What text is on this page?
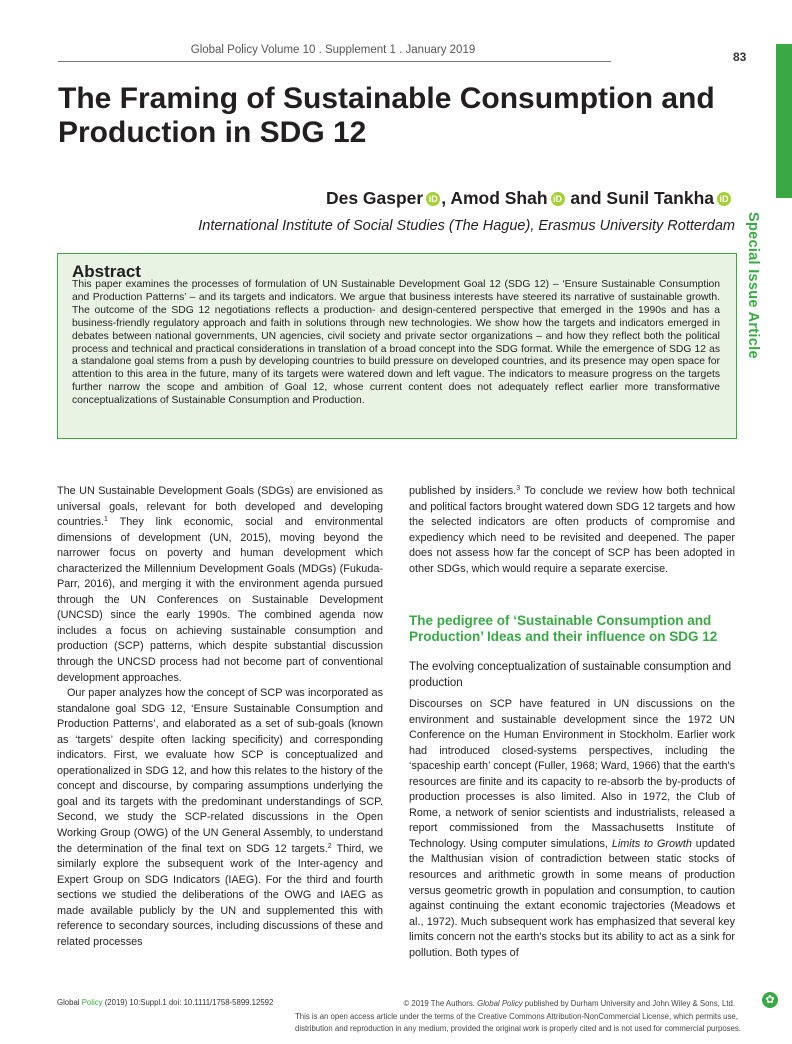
Global Policy Volume 10 . Supplement 1 . January 2019	83
Special Issue Article
The Framing of Sustainable Consumption and Production in SDG 12
Des Gasper iD , Amod Shah iD and Sunil Tankha iD
International Institute of Social Studies (The Hague), Erasmus University Rotterdam
Abstract
This paper examines the processes of formulation of UN Sustainable Development Goal 12 (SDG 12) – ‘Ensure Sustainable Consumption and Production Patterns’ – and its targets and indicators. We argue that business interests have steered its narrative of sustainable growth. The outcome of the SDG 12 negotiations reflects a production- and design-centered perspective that emerged in the 1990s and has a business-friendly regulatory approach and faith in solutions through new technologies. We show how the targets and indicators emerged in debates between national governments, UN agencies, civil society and private sector organizations – and how they reflect both the political process and technical and practical considerations in translation of a broad concept into the SDG format. While the emergence of SDG 12 as a standalone goal stems from a push by developing countries to build pressure on developed countries, and its presence may open space for attention to this area in the future, many of its targets were watered down and left vague. The indicators to measure progress on the targets further narrow the scope and ambition of Goal 12, whose current content does not adequately reflect earlier more transformative conceptualizations of Sustainable Consumption and Production.

The UN Sustainable Development Goals (SDGs) are envisioned as universal goals, relevant for both developed and developing countries.$^1$ They link economic, social and environmental dimensions of development (UN, 2015), moving beyond the narrower focus on poverty and human development which characterized the Millennium Development Goals (MDGs) (Fukuda-Parr, 2016), and merging it with the environment agenda pursued through the UN Conferences on Sustainable Development (UNCSD) since the early 1990s. The combined agenda now includes a focus on achieving sustainable consumption and production (SCP) patterns, which despite substantial discussion through the UNCSD process had not become part of conventional development approaches.

Our paper analyzes how the concept of SCP was incorporated as standalone goal SDG 12, ‘Ensure Sustainable Consumption and Production Patterns’, and elaborated as a set of sub-goals (known as ‘targets’ despite often lacking specificity) and corresponding indicators. First, we evaluate how SCP is conceptualized and operationalized in SDG 12, and how this relates to the history of the concept and discourse, by comparing assumptions underlying the goal and its targets with the predominant understandings of SCP. Second, we study the SCP-related discussions in the Open Working Group (OWG) of the UN General Assembly, to understand the determination of the final text on SDG 12 targets.$^2$ Third, we similarly explore the subsequent work of the Inter-agency and Expert Group on SDG Indicators (IAEG). For the third and fourth sections we studied the deliberations of the OWG and IAEG as made available publicly by the UN and supplemented this with reference to secondary sources, including discussions of these and related processes

published by insiders.$^3$ To conclude we review how both technical and political factors brought watered down SDG 12 targets and how the selected indicators are often products of compromise and expediency which need to be revisited and deepened. The paper does not assess how far the concept of SCP has been adopted in other SDGs, which would require a separate exercise.

The pedigree of ‘Sustainable Consumption and Production’ Ideas and their influence on SDG 12
The evolving conceptualization of sustainable consumption and production

Discourses on SCP have featured in UN discussions on the environment and sustainable development since the 1972 UN Conference on the Human Environment in Stockholm. Earlier work had introduced closed-systems perspectives, including the ‘spaceship earth’ concept (Fuller, 1968; Ward, 1966) that the earth's resources are finite and its capacity to re-absorb the by-products of production processes is also limited. Also in 1972, the Club of Rome, a network of senior scientists and industrialists, released a report commissioned from the Massachusetts Institute of Technology. Using computer simulations, Limits to Growth updated the Malthusian vision of contradiction between static stocks of resources and arithmetic growth in some means of production versus geometric growth in population and consumption, to caution against continuing the extant economic trajectories (Meadows et al., 1972). Much subsequent work has emphasized that several key limits concern not the earth's stocks but its ability to act as a sink for pollution. Both types of

Global Policy (2019) 10:Suppl.1 doi: 10.1111/1758-5899.12592	© 2019 The Authors. Global Policy published by Durham University and John Wiley & Sons, Ltd.

This is an open access article under the terms of the Creative Commons Attribution-NonCommercial License, which permits use,

distribution and reproduction in any medium, provided the original work is properly cited and is not used for commercial purposes.

✿
